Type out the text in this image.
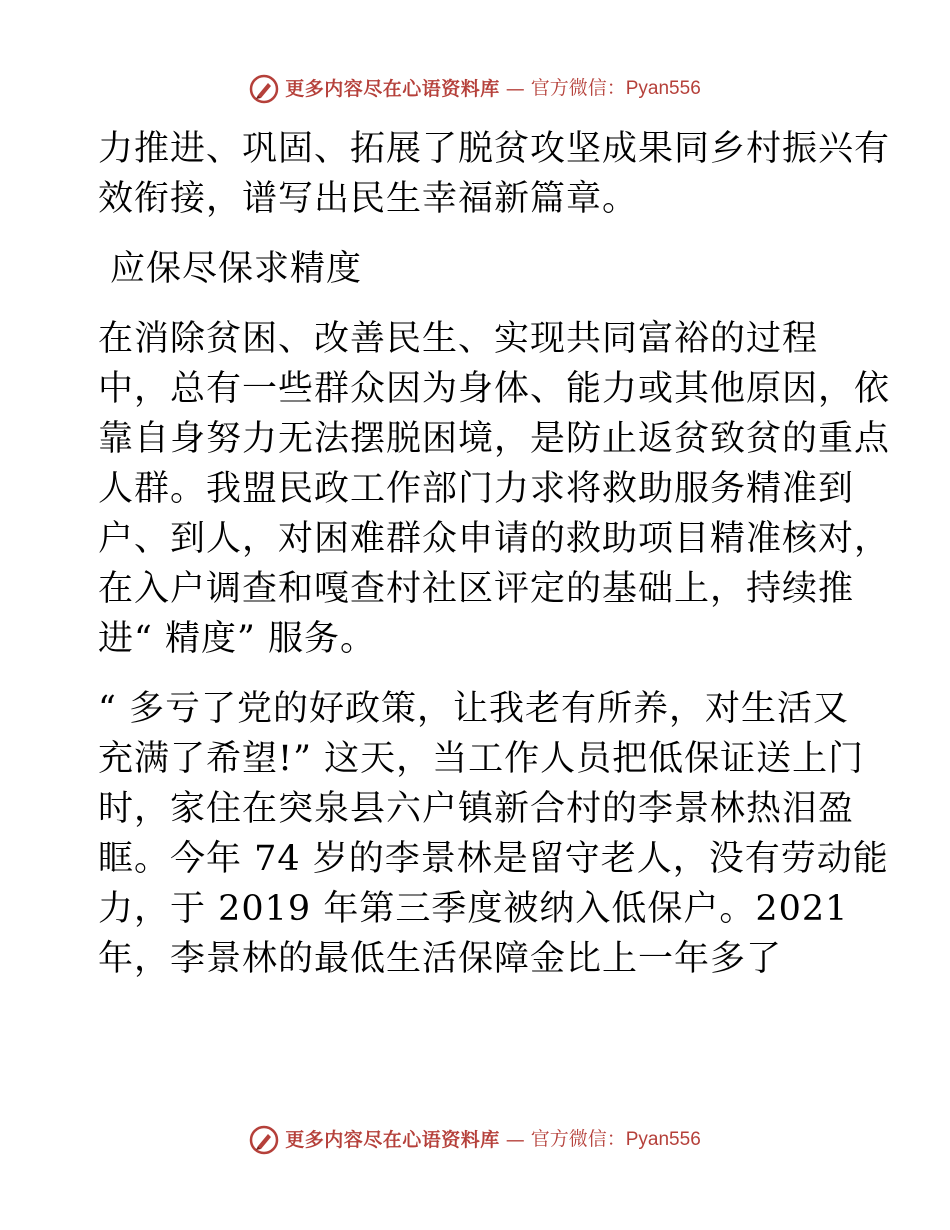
更多内容尽在心语资料库 — 官方微信：Pyan556
力推进、巩固、拓展了脱贫攻坚成果同乡村振兴有
效衔接，谱写出民生幸福新篇章。
应保尽保求精度
在消除贫困、改善民生、实现共同富裕的过程
中，总有一些群众因为身体、能力或其他原因，依
靠自身努力无法摆脱困境，是防止返贫致贫的重点
人群。我盟民政工作部门力求将救助服务精准到
户、到人，对困难群众申请的救助项目精准核对，
在入户调查和嘎查村社区评定的基础上，持续推
进“ 精度” 服务。
“ 多亏了党的好政策，让我老有所养，对生活又
充满了希望!” 这天，当工作人员把低保证送上门
时，家住在突泉县六户镇新合村的李景林热泪盈
眶。今年 74 岁的李景林是留守老人，没有劳动能
力，于 2019 年第三季度被纳入低保户。2021
年，李景林的最低生活保障金比上一年多了
更多内容尽在心语资料库 — 官方微信：Pyan556
